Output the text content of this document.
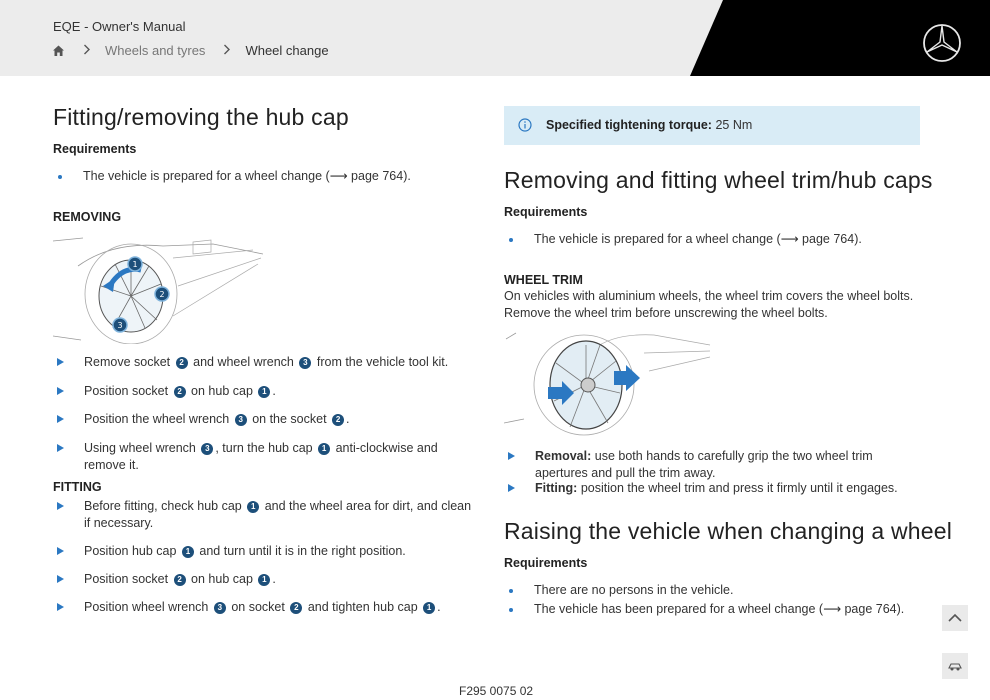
EQE - Owner's Manual
Wheels and tyres	Wheel change
Fitting/removing the hub cap
Requirements
The vehicle is prepared for a wheel change (⟶ page 764).
REMOVING
1
2
3
Remove socket 2 and wheel wrench 3 from the vehicle tool kit.
Position socket 2 on hub cap 1 .
Position the wheel wrench 3 on the socket 2 .
Using wheel wrench 3 , turn the hub cap 1 anti-clockwise and remove it.
FITTING
Before fitting, check hub cap 1 and the wheel area for dirt, and clean if necessary.
Position hub cap 1 and turn until it is in the right position.
Position socket 2 on hub cap 1 .
Position wheel wrench 3 on socket 2 and tighten hub cap 1 .
Specified tightening torque: 25 Nm
Removing and fitting wheel trim/hub caps
Requirements
The vehicle is prepared for a wheel change (⟶ page 764).
WHEEL TRIM
On vehicles with aluminium wheels, the wheel trim covers the wheel bolts. Remove the wheel trim before unscrewing the wheel bolts.
Removal: use both hands to carefully grip the two wheel trim apertures and pull the trim away.
Fitting: position the wheel trim and press it firmly until it engages.
Raising the vehicle when changing a wheel
Requirements
There are no persons in the vehicle.
The vehicle has been prepared for a wheel change (⟶ page 764).
F295 0075 02
